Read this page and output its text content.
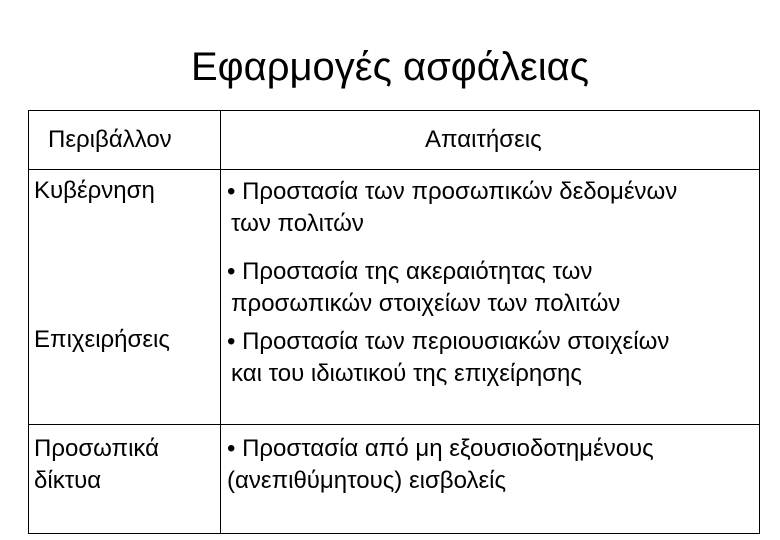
Εφαρμογές ασφάλειας
Περιβάλλον	Απαιτήσεις
Κυβέρνηση
Επιχειρήσεις
Προσωπικά
δίκτυα
• Προστασία των προσωπικών δεδομένων
των πολιτών
• Προστασία της ακεραιότητας των
προσωπικών στοιχείων των πολιτών
• Προστασία των περιουσιακών στοιχείων
και του ιδιωτικού της επιχείρησης
• Προστασία από μη εξουσιοδοτημένους
(ανεπιθύμητους) εισβολείς
